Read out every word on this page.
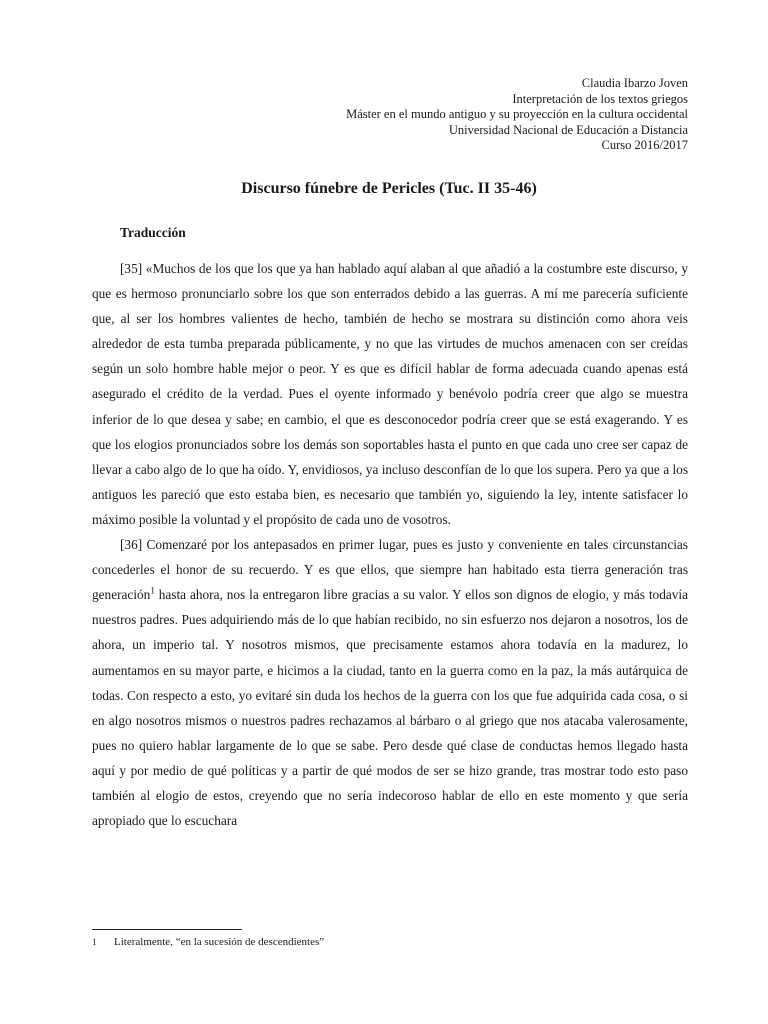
Claudia Ibarzo Joven
Interpretación de los textos griegos
Máster en el mundo antiguo y su proyección en la cultura occidental
Universidad Nacional de Educación a Distancia
Curso 2016/2017
Discurso fúnebre de Pericles (Tuc. II 35-46)
Traducción

[35] «Muchos de los que los que ya han hablado aquí alaban al que añadió a la costumbre este discurso, y que es hermoso pronunciarlo sobre los que son enterrados debido a las guerras. A mí me parecería suficiente que, al ser los hombres valientes de hecho, también de hecho se mostrara su distinción como ahora veis alrededor de esta tumba preparada públicamente, y no que las virtudes de muchos amenacen con ser creídas según un solo hombre hable mejor o peor. Y es que es difícil hablar de forma adecuada cuando apenas está asegurado el crédito de la verdad. Pues el oyente informado y benévolo podría creer que algo se muestra inferior de lo que desea y sabe; en cambio, el que es desconocedor podría creer que se está exagerando. Y es que los elogios pronunciados sobre los demás son soportables hasta el punto en que cada uno cree ser capaz de llevar a cabo algo de lo que ha oído. Y, envidiosos, ya incluso desconfían de lo que los supera. Pero ya que a los antiguos les pareció que esto estaba bien, es necesario que también yo, siguiendo la ley, intente satisfacer lo máximo posible la voluntad y el propósito de cada uno de vosotros.

[36] Comenzaré por los antepasados en primer lugar, pues es justo y conveniente en tales circunstancias concederles el honor de su recuerdo. Y es que ellos, que siempre han habitado esta tierra generación tras generación$^1$ hasta ahora, nos la entregaron libre gracias a su valor. Y ellos son dignos de elogio, y más todavía nuestros padres. Pues adquiriendo más de lo que habían recibido, no sin esfuerzo nos dejaron a nosotros, los de ahora, un imperio tal. Y nosotros mismos, que precisamente estamos ahora todavía en la madurez, lo aumentamos en su mayor parte, e hicimos a la ciudad, tanto en la guerra como en la paz, la más autárquica de todas. Con respecto a esto, yo evitaré sin duda los hechos de la guerra con los que fue adquirida cada cosa, o si en algo nosotros mismos o nuestros padres rechazamos al bárbaro o al griego que nos atacaba valerosamente, pues no quiero hablar largamente de lo que se sabe. Pero desde qué clase de conductas hemos llegado hasta aquí y por medio de qué políticas y a partir de qué modos de ser se hizo grande, tras mostrar todo esto paso también al elogio de estos, creyendo que no sería indecoroso hablar de ello en este momento y que sería apropiado que lo escuchara

1 Literalmente, “en la sucesión de descendientes”
